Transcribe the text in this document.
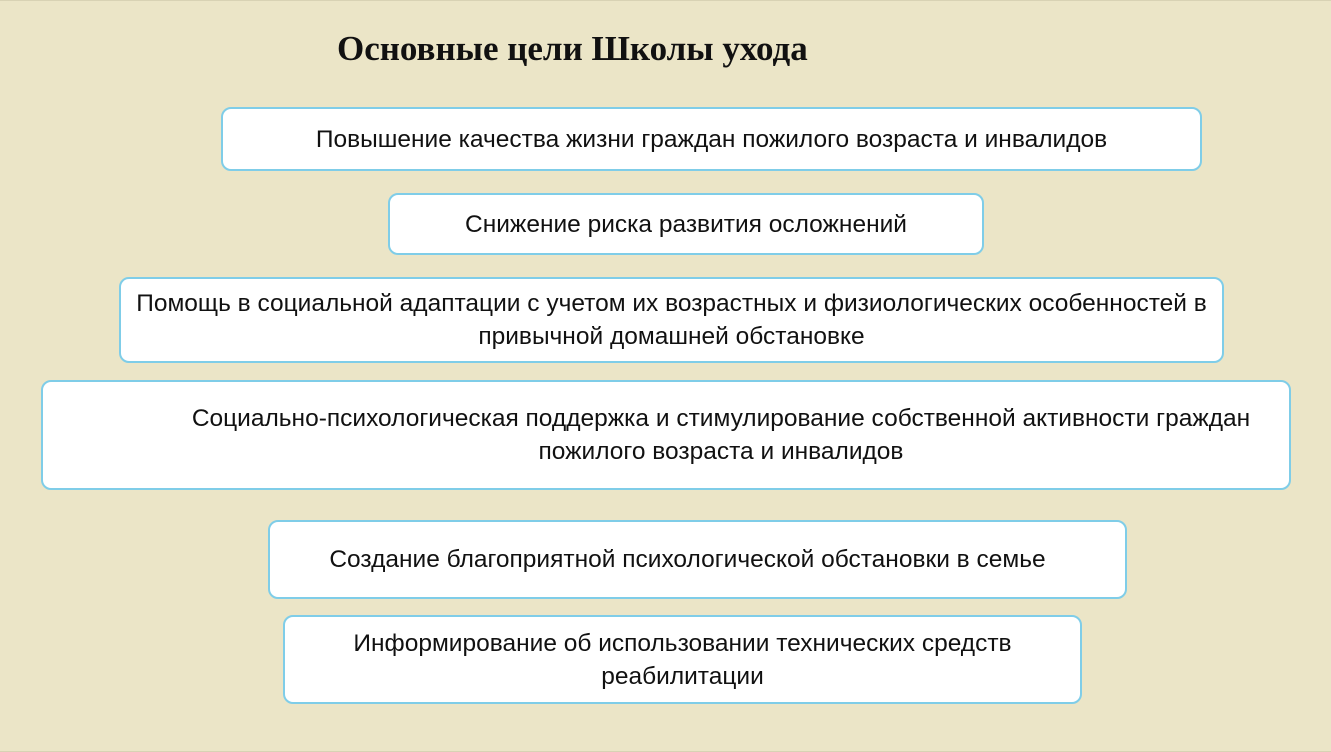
Основные цели Школы ухода
Повышение качества жизни граждан пожилого возраста и инвалидов
Снижение риска развития осложнений
Помощь в социальной адаптации с учетом их возрастных и физиологических особенностей в привычной домашней обстановке
Социально-психологическая поддержка и стимулирование собственной активности граждан пожилого возраста и инвалидов
Создание благоприятной психологической обстановки в семье
Информирование об использовании технических средств реабилитации
